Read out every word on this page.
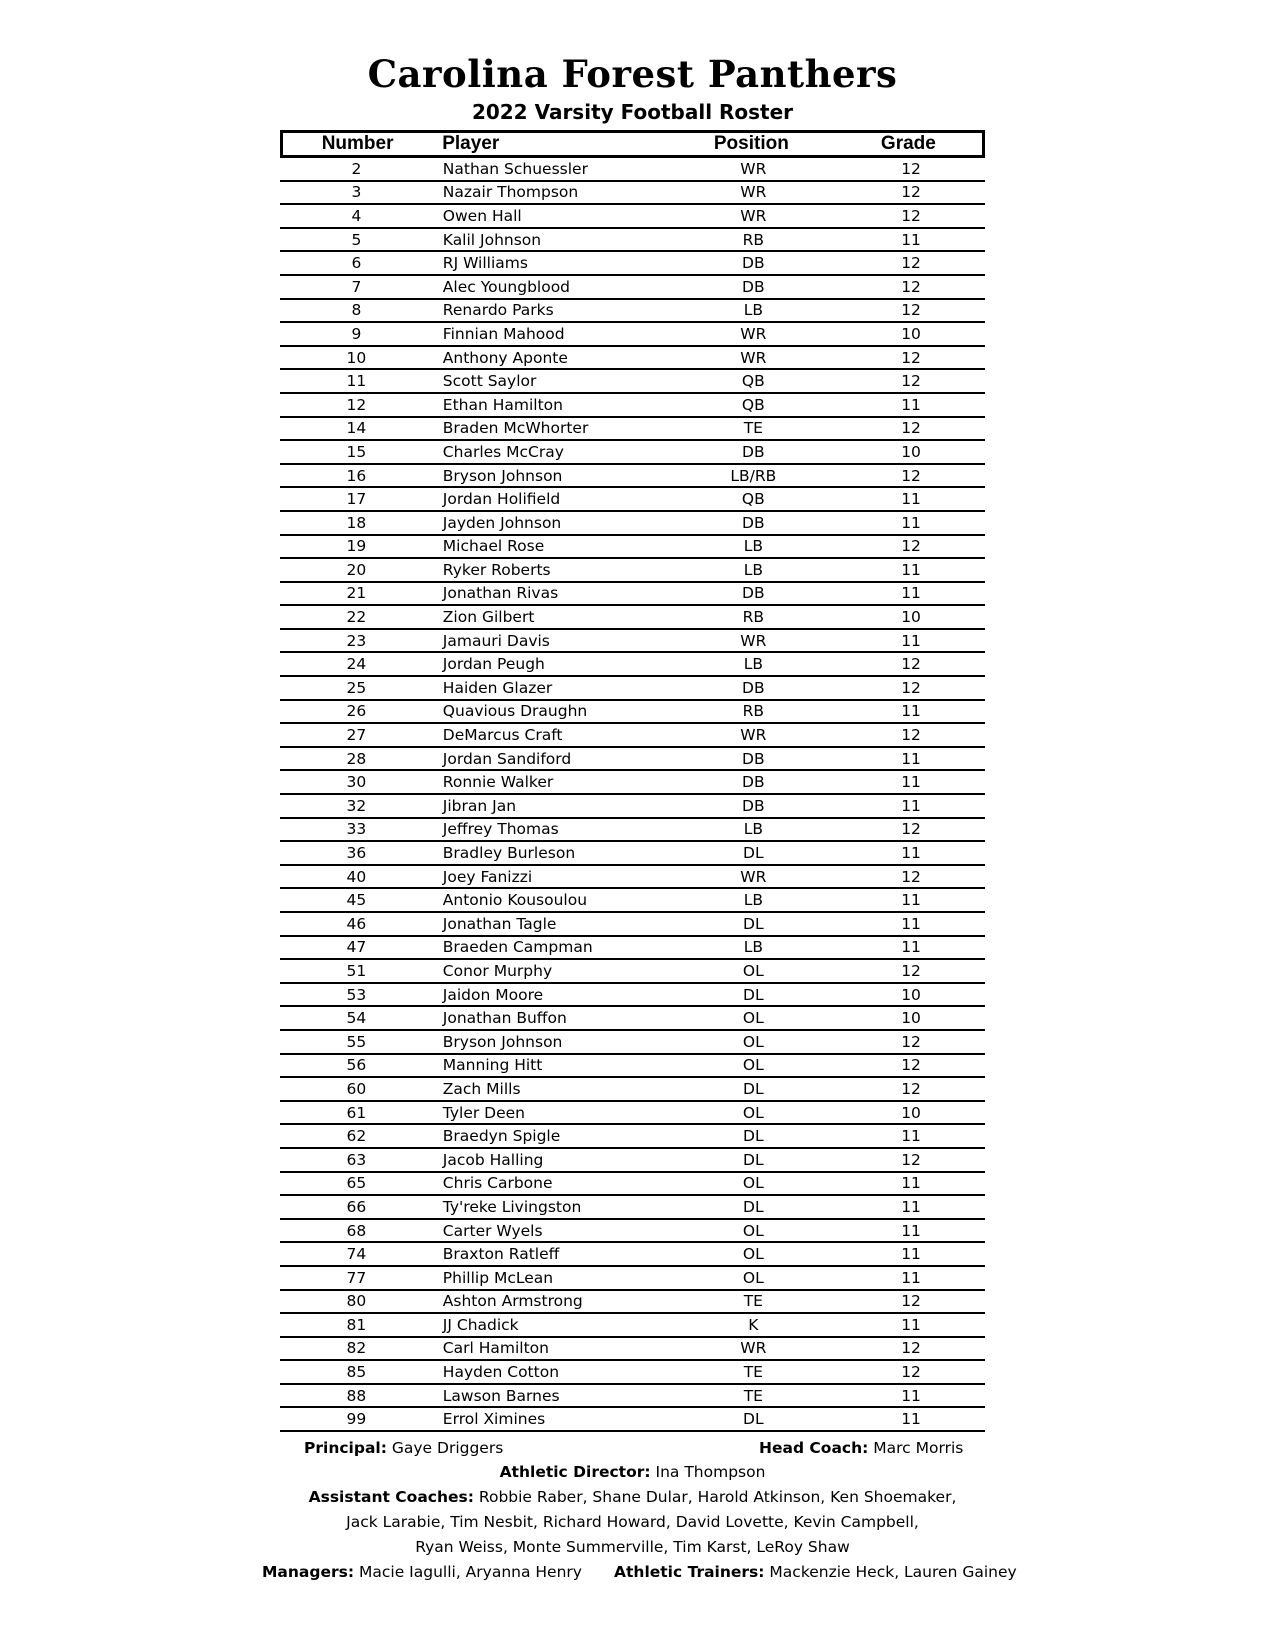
Carolina Forest Panthers
2022 Varsity Football Roster
Number	Player	Position	Grade
2	Nathan Schuessler	WR	12
3	Nazair Thompson	WR	12
4	Owen Hall	WR	12
5	Kalil Johnson	RB	11
6	RJ Williams	DB	12
7	Alec Youngblood	DB	12
8	Renardo Parks	LB	12
9	Finnian Mahood	WR	10
10	Anthony Aponte	WR	12
11	Scott Saylor	QB	12
12	Ethan Hamilton	QB	11
14	Braden McWhorter	TE	12
15	Charles McCray	DB	10
16	Bryson Johnson	LB/RB	12
17	Jordan Holifield	QB	11
18	Jayden Johnson	DB	11
19	Michael Rose	LB	12
20	Ryker Roberts	LB	11
21	Jonathan Rivas	DB	11
22	Zion Gilbert	RB	10
23	Jamauri Davis	WR	11
24	Jordan Peugh	LB	12
25	Haiden Glazer	DB	12
26	Quavious Draughn	RB	11
27	DeMarcus Craft	WR	12
28	Jordan Sandiford	DB	11
30	Ronnie Walker	DB	11
32	Jibran Jan	DB	11
33	Jeffrey Thomas	LB	12
36	Bradley Burleson	DL	11
40	Joey Fanizzi	WR	12
45	Antonio Kousoulou	LB	11
46	Jonathan Tagle	DL	11
47	Braeden Campman	LB	11
51	Conor Murphy	OL	12
53	Jaidon Moore	DL	10
54	Jonathan Buffon	OL	10
55	Bryson Johnson	OL	12
56	Manning Hitt	OL	12
60	Zach Mills	DL	12
61	Tyler Deen	OL	10
62	Braedyn Spigle	DL	11
63	Jacob Halling	DL	12
65	Chris Carbone	OL	11
66	Ty'reke Livingston	DL	11
68	Carter Wyels	OL	11
74	Braxton Ratleff	OL	11
77	Phillip McLean	OL	11
80	Ashton Armstrong	TE	12
81	JJ Chadick	K	11
82	Carl Hamilton	WR	12
85	Hayden Cotton	TE	12
88	Lawson Barnes	TE	11
99	Errol Ximines	DL	11
Principal: Gaye Driggers	Head Coach: Marc Morris
Athletic Director: Ina Thompson
Assistant Coaches: Robbie Raber, Shane Dular, Harold Atkinson, Ken Shoemaker,
Jack Larabie, Tim Nesbit, Richard Howard, David Lovette, Kevin Campbell,
Ryan Weiss, Monte Summerville, Tim Karst, LeRoy Shaw
Managers: Macie Iagulli, Aryanna Henry Athletic Trainers: Mackenzie Heck, Lauren Gainey
